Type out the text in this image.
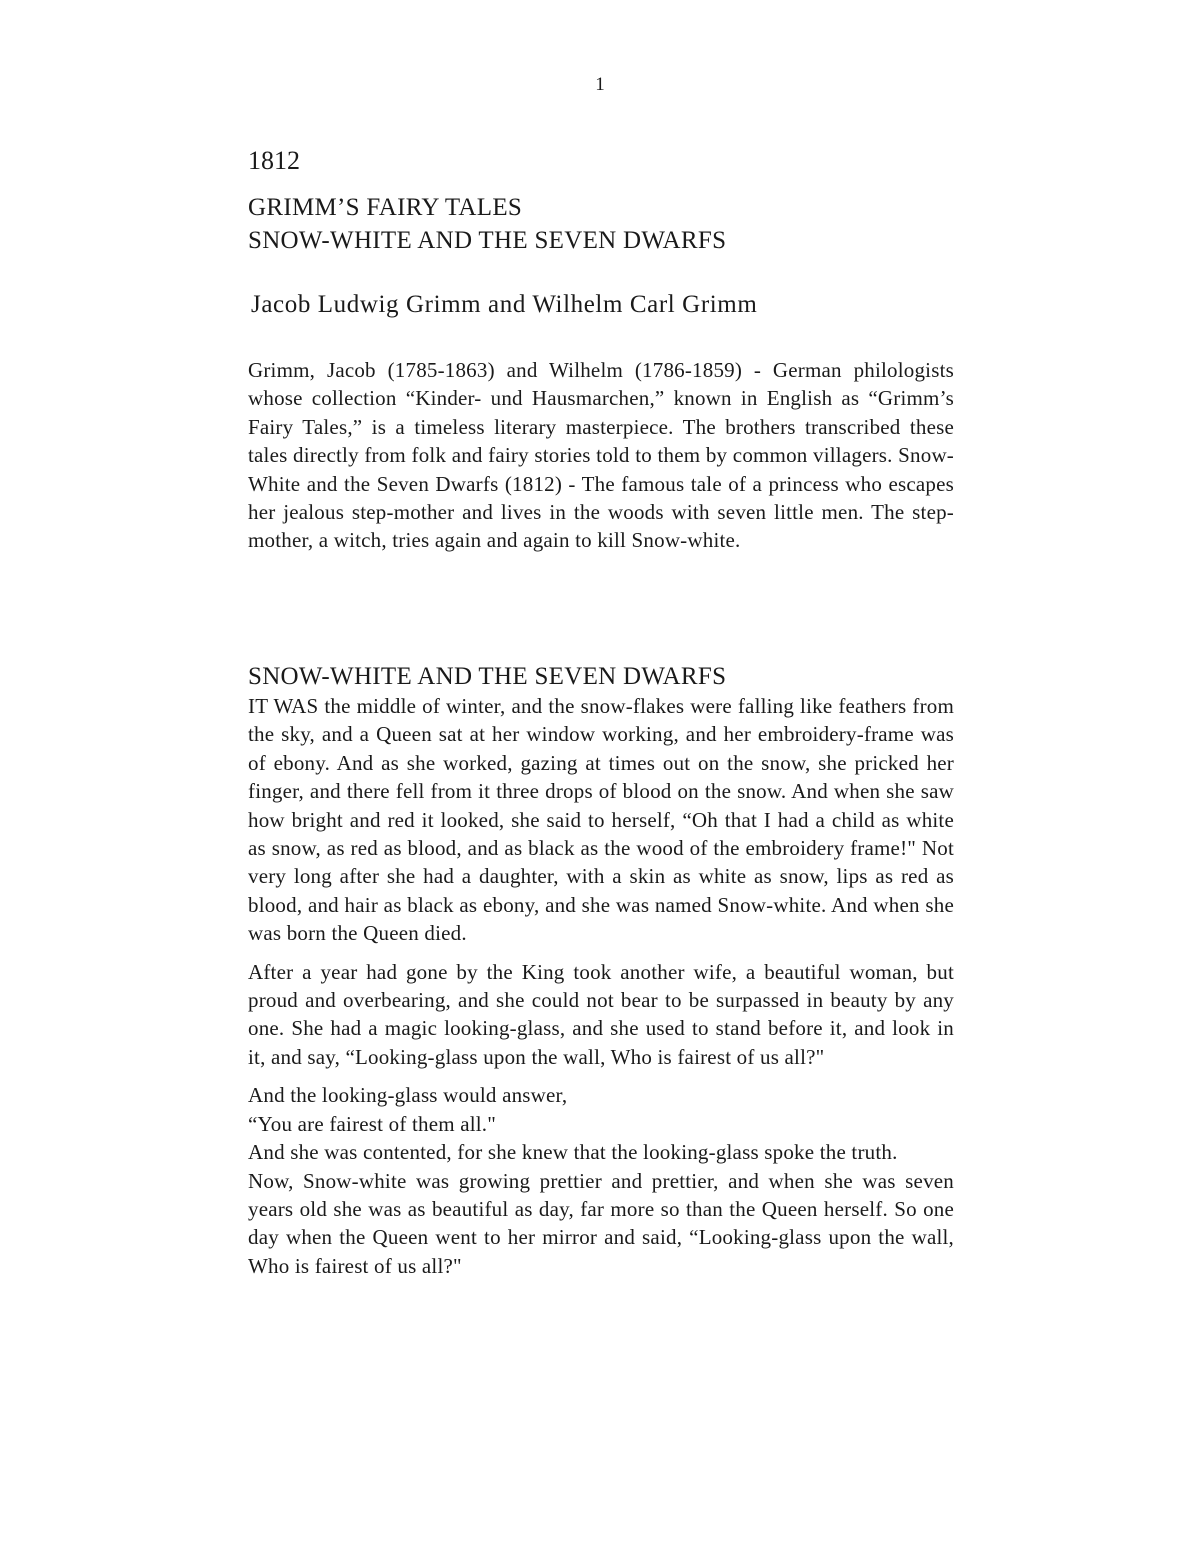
1
1812
GRIMM’S FAIRY TALES
SNOW-WHITE AND THE SEVEN DWARFS
Jacob Ludwig Grimm and Wilhelm Carl Grimm

Grimm, Jacob (1785-1863) and Wilhelm (1786-1859) - German philologists whose collection “Kinder- und Hausmarchen,” known in English as “Grimm’s Fairy Tales,” is a timeless literary masterpiece. The brothers transcribed these tales directly from folk and fairy stories told to them by common villagers. Snow-White and the Seven Dwarfs (1812) - The famous tale of a princess who escapes her jealous step-mother and lives in the woods with seven little men. The step-mother, a witch, tries again and again to kill Snow-white.

SNOW-WHITE AND THE SEVEN DWARFS

IT WAS the middle of winter, and the snow-flakes were falling like feathers from the sky, and a Queen sat at her window working, and her embroidery-frame was of ebony. And as she worked, gazing at times out on the snow, she pricked her finger, and there fell from it three drops of blood on the snow. And when she saw how bright and red it looked, she said to herself, “Oh that I had a child as white as snow, as red as blood, and as black as the wood of the embroidery frame!" Not very long after she had a daughter, with a skin as white as snow, lips as red as blood, and hair as black as ebony, and she was named Snow-white. And when she was born the Queen died.

After a year had gone by the King took another wife, a beautiful woman, but proud and overbearing, and she could not bear to be surpassed in beauty by any one. She had a magic looking-glass, and she used to stand before it, and look in it, and say, “Looking-glass upon the wall, Who is fairest of us all?"

And the looking-glass would answer,

“You are fairest of them all."

And she was contented, for she knew that the looking-glass spoke the truth.

Now, Snow-white was growing prettier and prettier, and when she was seven years old she was as beautiful as day, far more so than the Queen herself. So one day when the Queen went to her mirror and said, “Looking-glass upon the wall, Who is fairest of us all?"
